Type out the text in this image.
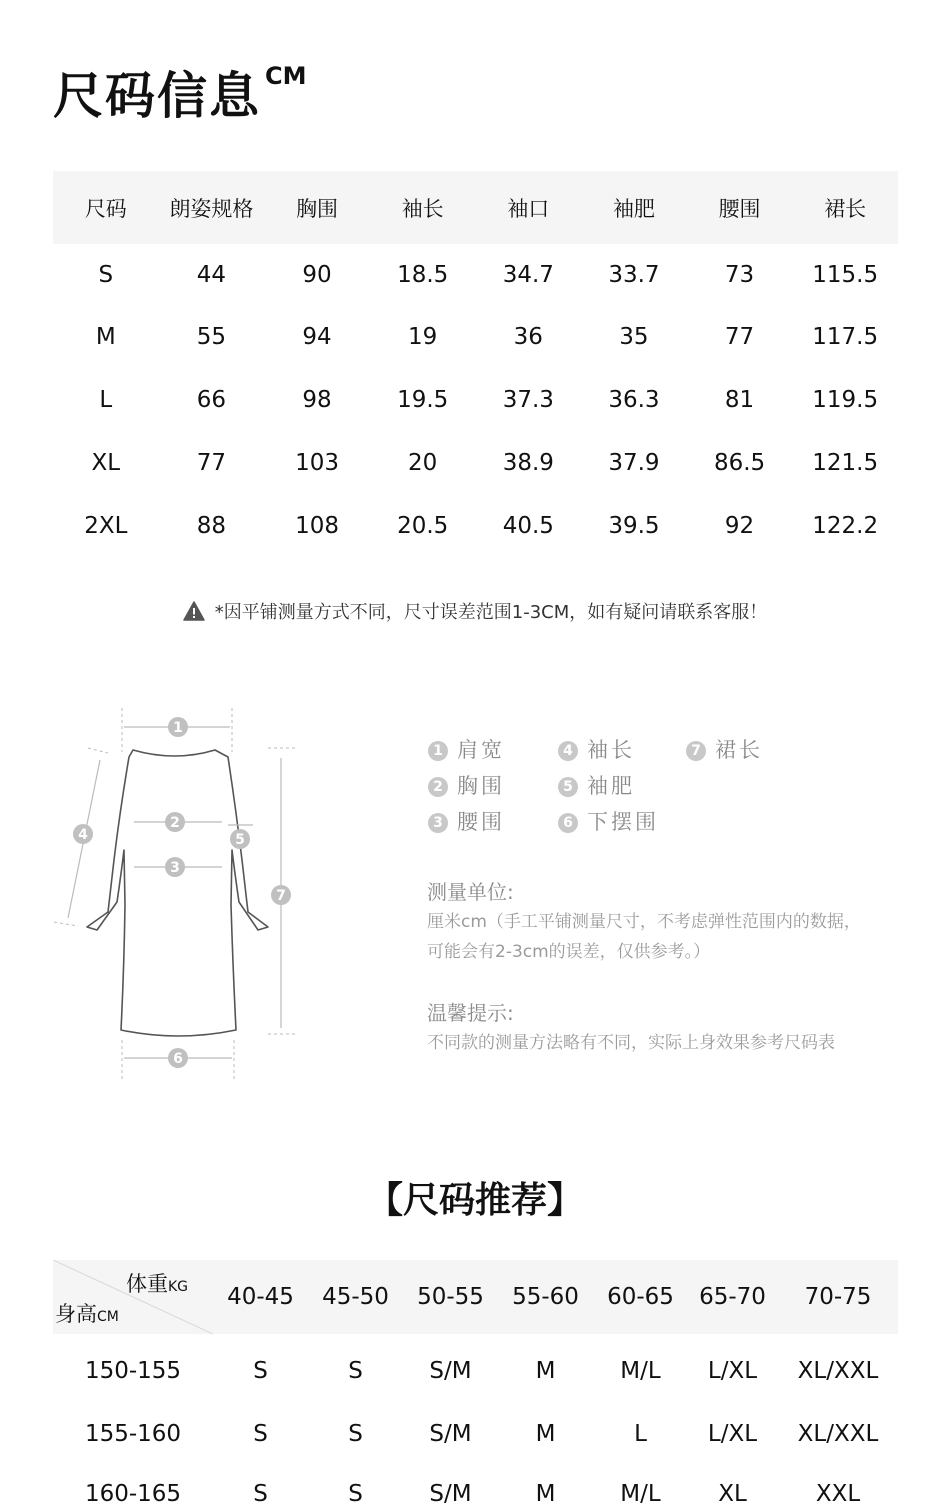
尺码信息 CM
尺码	朗姿规格	胸围	袖长	袖口	袖肥	腰围	裙长
S	44	90	18.5	34.7	33.7	73	115.5
M	55	94	19	36	35	77	117.5
L	66	98	19.5	37.3	36.3	81	119.5
XL	77	103	20	38.9	37.9	86.5	121.5
2XL	88	108	20.5	40.5	39.5	92	122.2
*因平铺测量方式不同，尺寸误差范围1-3CM，如有疑问请联系客服！
1
2
3
4	5
6
7
1 肩宽
2 胸围
3 腰围
4 袖长
5 袖肥
6 下摆围
7 裙长
测量单位:
厘米cm（手工平铺测量尺寸，不考虑弹性范围内的数据，
可能会有2-3cm的误差，仅供参考。）
温馨提示:
不同款的测量方法略有不同，实际上身效果参考尺码表
【尺码推荐】
体重KG
身高CM
40-45	45-50	50-55	55-60	60-65	65-70	70-75
150-155	S	S	S/M	M	M/L	L/XL	XL/XXL
155-160	S	S	S/M	M	L	L/XL	XL/XXL
160-165	S	S	S/M	M	M/L	XL	XXL
